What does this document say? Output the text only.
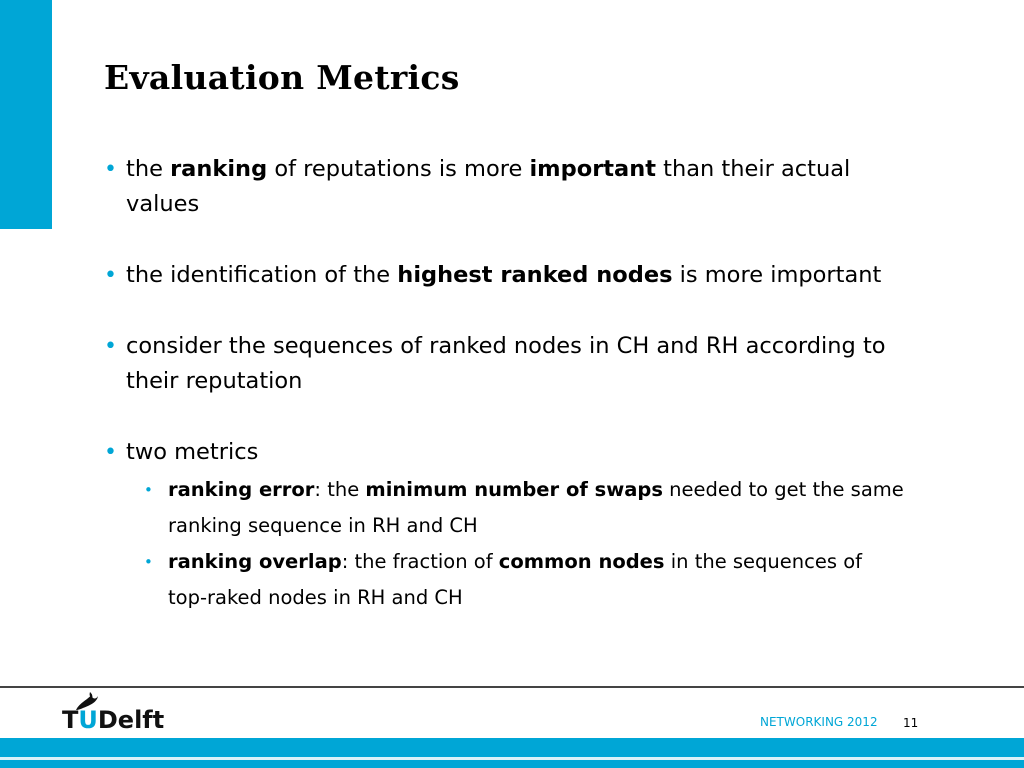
Evaluation Metrics
• the ranking of reputations is more important than their actual values
• the identification of the highest ranked nodes is more important
• consider the sequences of ranked nodes in CH and RH according to their reputation
• two metrics
• ranking error: the minimum number of swaps needed to get the same ranking sequence in RH and CH
• ranking overlap: the fraction of common nodes in the sequences of top-raked nodes in RH and CH
TUDelft	NETWORKING 2012 11
